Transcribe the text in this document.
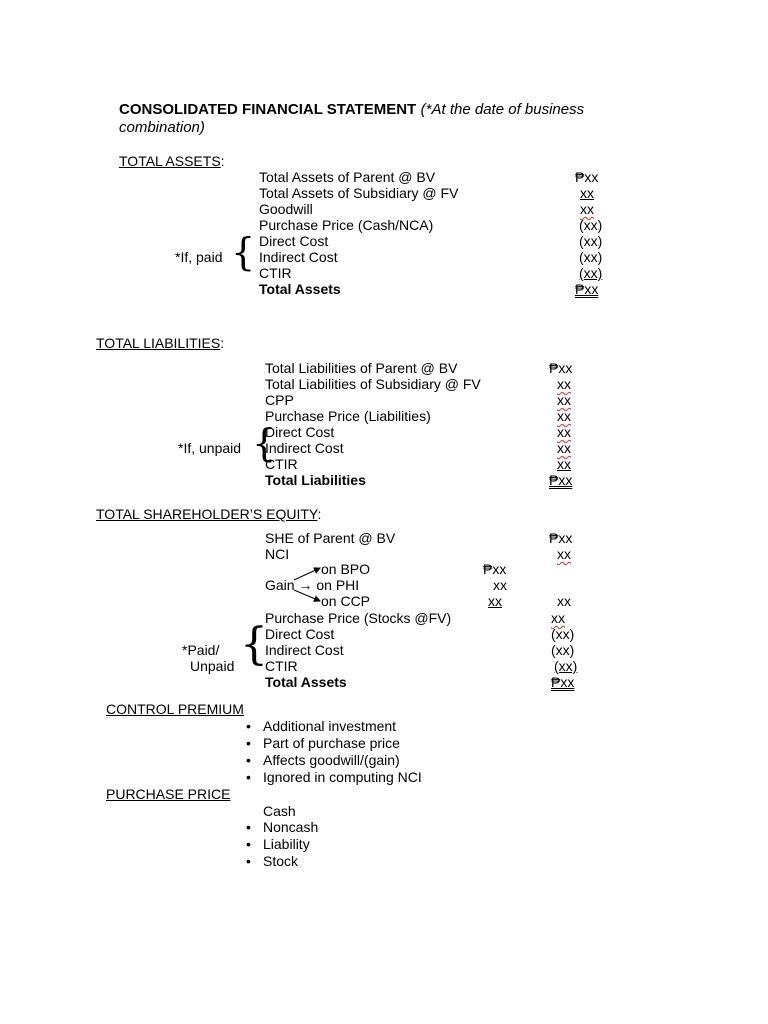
CONSOLIDATED FINANCIAL STATEMENT (*At the date of business
combination)
TOTAL ASSETS:
Total Assets of Parent @ BV	₱xx
Total Assets of Subsidiary @ FV	xx
Goodwill	xx
Purchase Price (Cash/NCA)	(xx)
Direct Cost	(xx)
Indirect Cost	(xx)
CTIR	(xx)
Total Assets	₱xx
*If, paid {
TOTAL LIABILITIES:
Total Liabilities of Parent @ BV	₱xx
Total Liabilities of Subsidiary @ FV	xx
CPP	xx
Purchase Price (Liabilities)	xx
Direct Cost	xx
Indirect Cost	xx
CTIR	xx
Total Liabilities	₱xx
*If, unpaid {
TOTAL SHAREHOLDER’S EQUITY:
SHE of Parent @ BV	₱xx
NCI	xx
on BPO	₱xx
Gain → on PHI	xx
on CCP	xx	xx
Purchase Price (Stocks @FV)	xx
Direct Cost	(xx)
Indirect Cost	(xx)
CTIR	(xx)
Total Assets	₱xx
*Paid/
Unpaid {
CONTROL PREMIUM
• Additional investment
• Part of purchase price
• Affects goodwill/(gain)
• Ignored in computing NCI
PURCHASE PRICE
Cash
• Noncash
• Liability
• Stock
